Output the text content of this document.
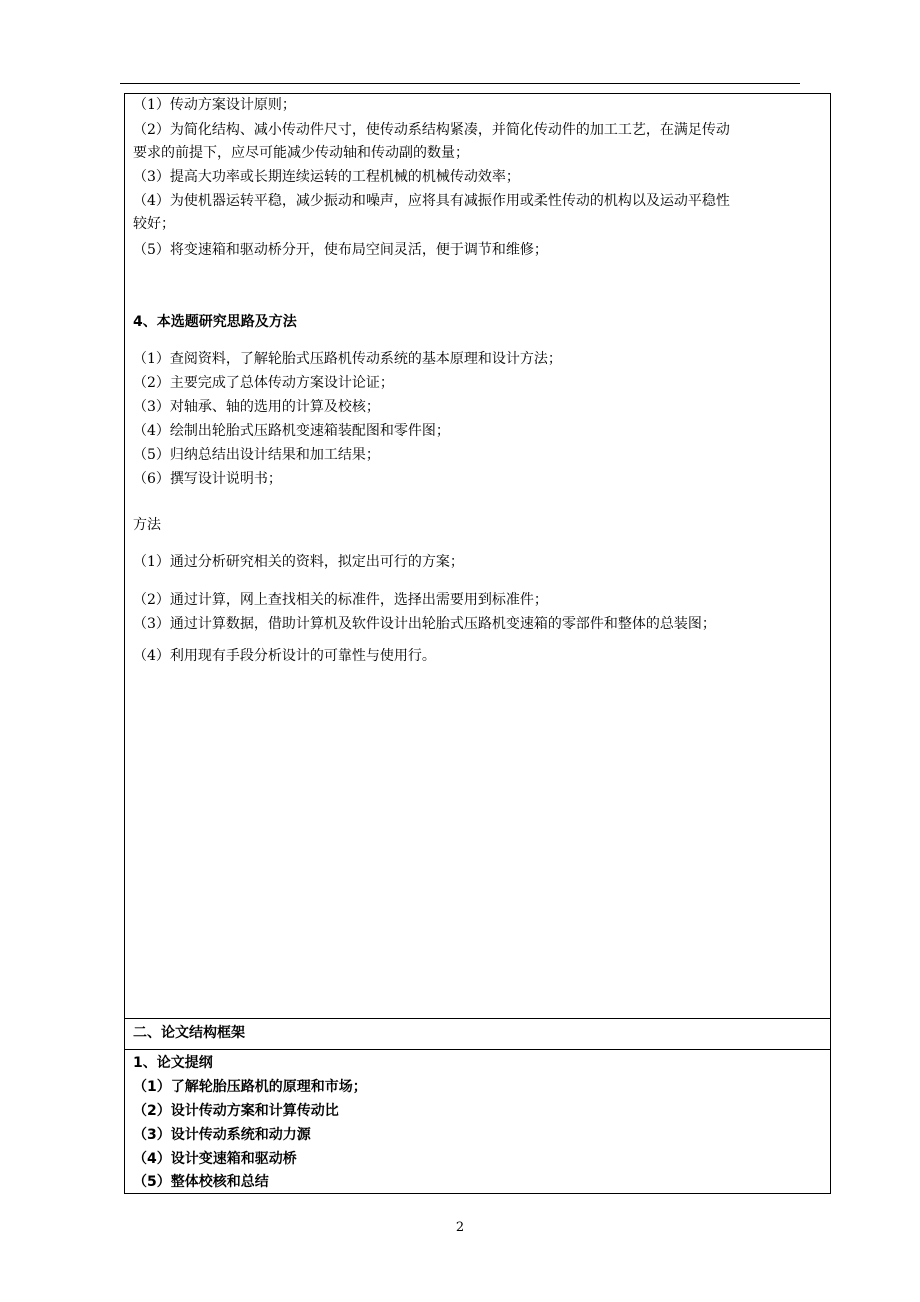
（1）传动方案设计原则；
（2）为简化结构、减小传动件尺寸，使传动系结构紧凑，并简化传动件的加工工艺，在满足传动
要求的前提下，应尽可能减少传动轴和传动副的数量；
（3）提高大功率或长期连续运转的工程机械的机械传动效率；
（4）为使机器运转平稳，减少振动和噪声，应将具有减振作用或柔性传动的机构以及运动平稳性
较好；
（5）将变速箱和驱动桥分开，使布局空间灵活，便于调节和维修；
4、本选题研究思路及方法
（1）查阅资料，了解轮胎式压路机传动系统的基本原理和设计方法；
（2）主要完成了总体传动方案设计论证；
（3）对轴承、轴的选用的计算及校核；
（4）绘制出轮胎式压路机变速箱装配图和零件图；
（5）归纳总结出设计结果和加工结果；
（6）撰写设计说明书；
方法
（1）通过分析研究相关的资料，拟定出可行的方案；
（2）通过计算，网上查找相关的标准件，选择出需要用到标准件；
（3）通过计算数据，借助计算机及软件设计出轮胎式压路机变速箱的零部件和整体的总装图；
（4）利用现有手段分析设计的可靠性与使用行。
二、论文结构框架
1、论文提纲
（1）了解轮胎压路机的原理和市场；
（2）设计传动方案和计算传动比
（3）设计传动系统和动力源
（4）设计变速箱和驱动桥
（5）整体校核和总结
2
